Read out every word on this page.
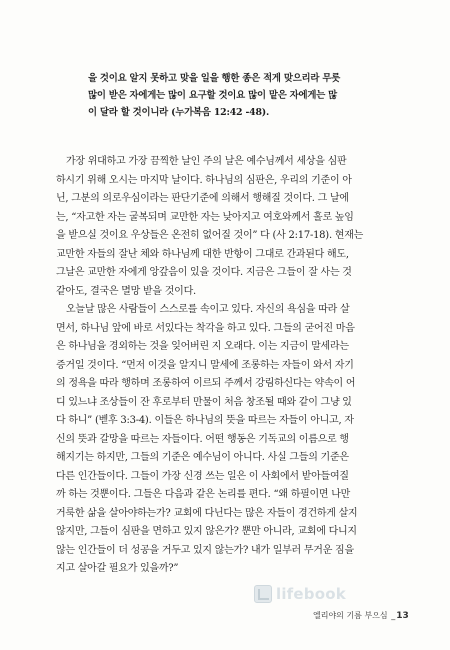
을 것이요 알지 못하고 맞을 일을 행한 종은 적게 맞으리라 무릇
많이 받은 자에게는 많이 요구할 것이요 많이 맡은 자에게는 많
이 달라 할 것이니라 (누가복음 12:42 -48).
가장 위대하고 가장 끔찍한 날인 주의 날은 예수님께서 세상을 심판
하시기 위해 오시는 마지막 날이다. 하나님의 심판은, 우리의 기준이 아
닌, 그분의 의로우심이라는 판단기준에 의해서 행해질 것이다. 그 날에
는, “자고한 자는 굴복되며 교만한 자는 낮아지고 여호와께서 홀로 높임
을 받으실 것이요 우상들은 온전히 없어질 것이” 다 (사 2:17-18). 현재는
교만한 자들의 잘난 체와 하나님께 대한 반항이 그대로 간과된다 해도,
그날은 교만한 자에게 앙갚음이 있을 것이다. 지금은 그들이 잘 사는 것
같아도, 결국은 멸망 받을 것이다.
오늘날 많은 사람들이 스스로를 속이고 있다. 자신의 욕심을 따라 살
면서, 하나님 앞에 바로 서있다는 착각을 하고 있다. 그들의 굳어진 마음
은 하나님을 경외하는 것을 잊어버린 지 오래다. 이는 지금이 말세라는
증거일 것이다. “먼저 이것을 알지니 말세에 조롱하는 자들이 와서 자기
의 정욕을 따라 행하며 조롱하여 이르되 주께서 강림하신다는 약속이 어
디 있느냐 조상들이 잔 후로부터 만물이 처음 창조될 때와 같이 그냥 있
다 하니” (벧후 3:3-4). 이들은 하나님의 뜻을 따르는 자들이 아니고, 자
신의 뜻과 갈망을 따르는 자들이다. 어떤 행동은 기독교의 이름으로 행
해지기는 하지만, 그들의 기준은 예수님이 아니다. 사실 그들의 기준은
다른 인간들이다. 그들이 가장 신경 쓰는 일은 이 사회에서 받아들여질
까 하는 것뿐이다. 그들은 다음과 같은 논리를 편다. “왜 하필이면 나만
거룩한 삶을 살아야하는가? 교회에 다닌다는 많은 자들이 경건하게 살지
않지만, 그들이 심판을 면하고 있지 않은가? 뿐만 아니라, 교회에 다니지
않는 인간들이 더 성공을 거두고 있지 않는가? 내가 일부러 무거운 짐을
지고 살아갈 필요가 있을까?”
lifebook
엘리야의 기름 부으심 _13
